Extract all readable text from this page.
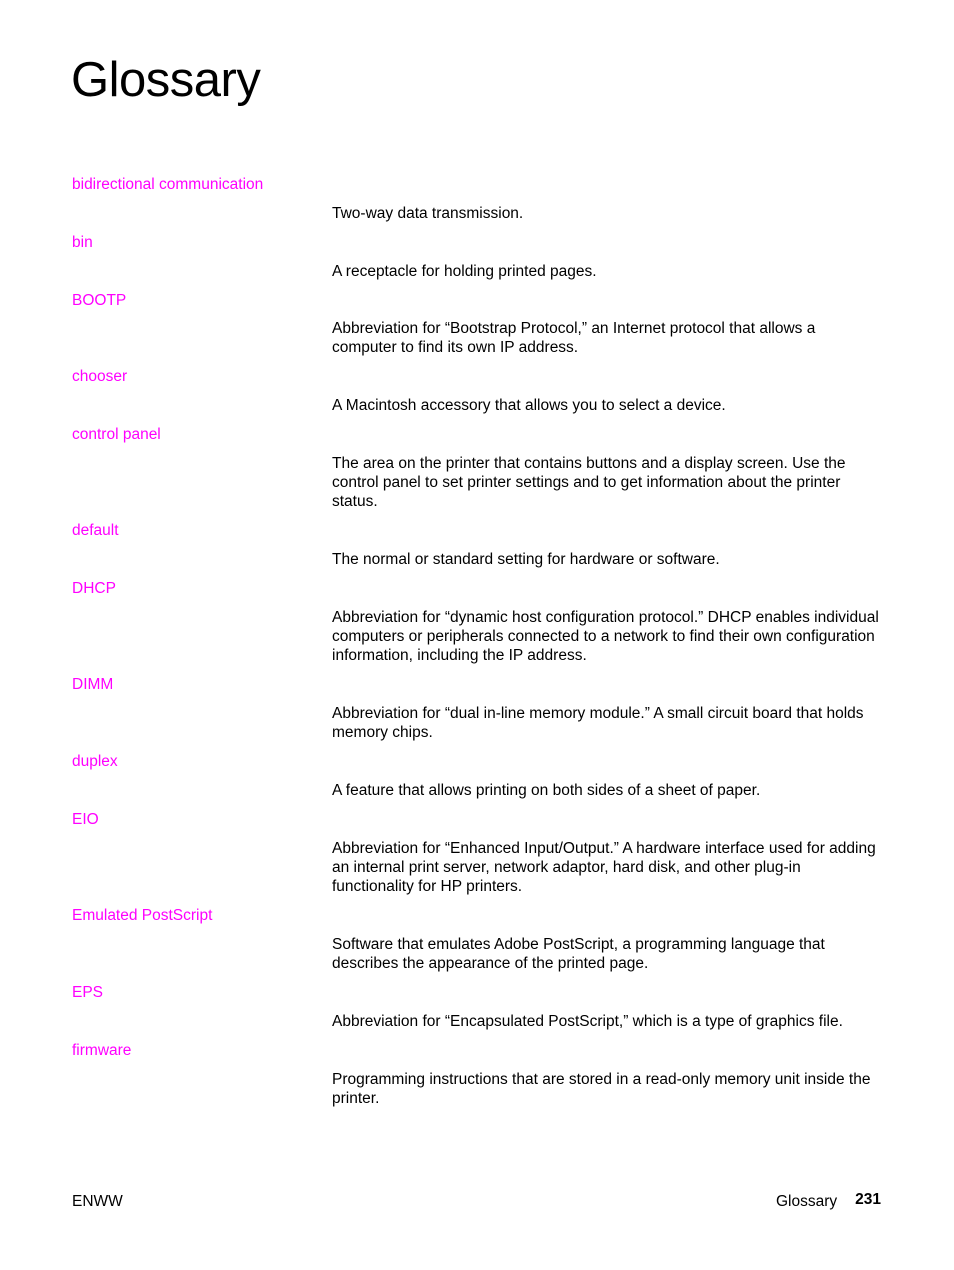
Glossary
bidirectional communication

Two-way data transmission.

bin

A receptacle for holding printed pages.

BOOTP

Abbreviation for “Bootstrap Protocol,” an Internet protocol that allows a computer to find its own IP address.

chooser

A Macintosh accessory that allows you to select a device.

control panel

The area on the printer that contains buttons and a display screen. Use the control panel to set printer settings and to get information about the printer status.

default

The normal or standard setting for hardware or software.

DHCP

Abbreviation for “dynamic host configuration protocol.” DHCP enables individual computers or peripherals connected to a network to find their own configuration information, including the IP address.

DIMM

Abbreviation for “dual in-line memory module.” A small circuit board that holds memory chips.

duplex

A feature that allows printing on both sides of a sheet of paper.

EIO

Abbreviation for “Enhanced Input/Output.” A hardware interface used for adding an internal print server, network adaptor, hard disk, and other plug-in functionality for HP printers.

Emulated PostScript

Software that emulates Adobe PostScript, a programming language that describes the appearance of the printed page.

EPS

Abbreviation for “Encapsulated PostScript,” which is a type of graphics file.

firmware

Programming instructions that are stored in a read-only memory unit inside the printer.

ENWW	Glossary 231
